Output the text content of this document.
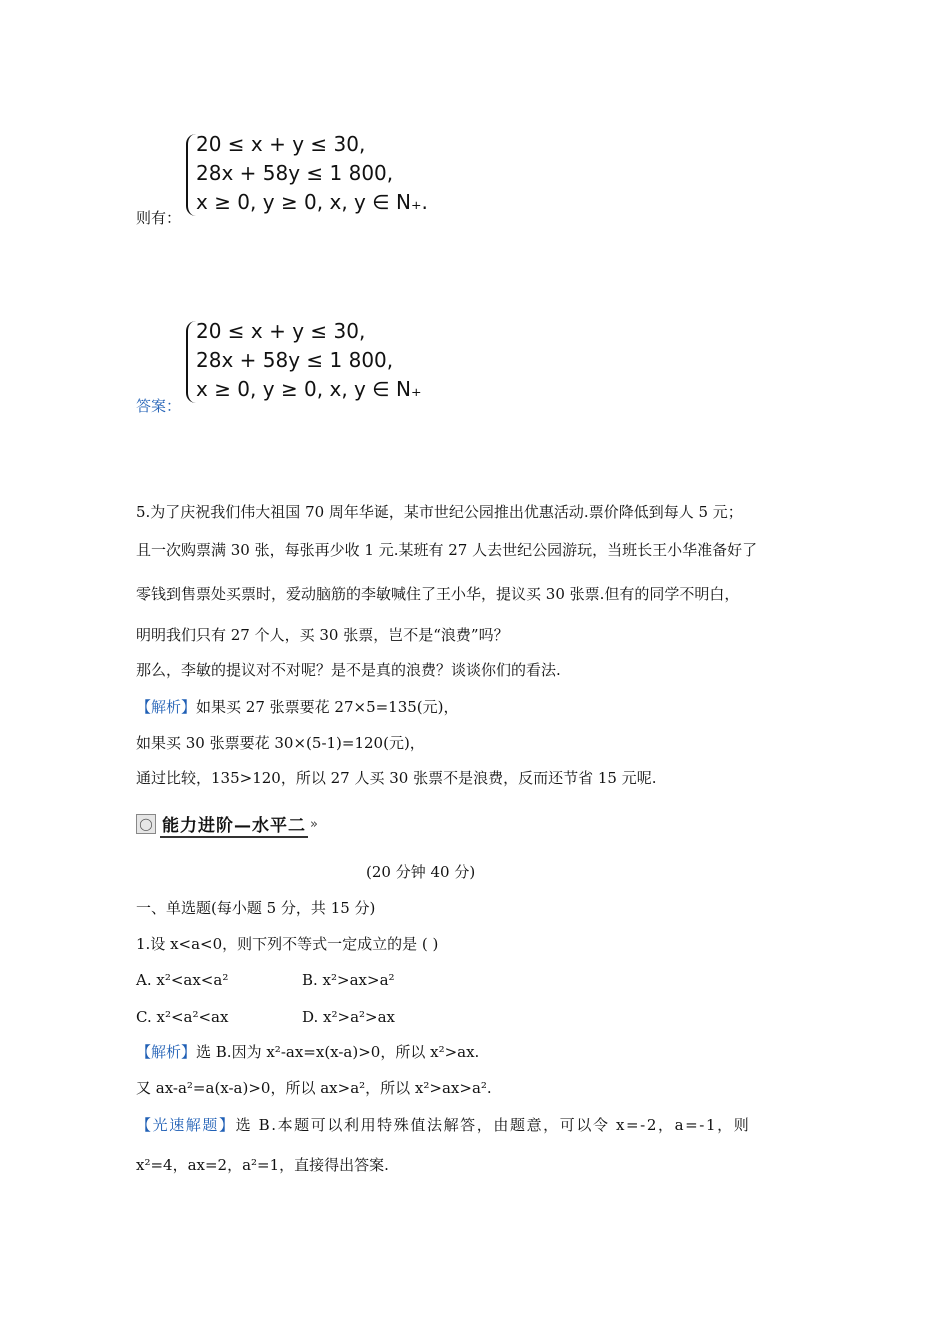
20 ≤ x + y ≤ 30,
28x + 58y ≤ 1 800,
x ≥ 0, y ≥ 0, x, y ∈ N₊.
则有：
20 ≤ x + y ≤ 30,
28x + 58y ≤ 1 800,
x ≥ 0, y ≥ 0, x, y ∈ N₊
答案：
5.为了庆祝我们伟大祖国 70 周年华诞，某市世纪公园推出优惠活动.票价降低到每人 5 元；
且一次购票满 30 张，每张再少收 1 元.某班有 27 人去世纪公园游玩，当班长王小华准备好了
零钱到售票处买票时，爱动脑筋的李敏喊住了王小华，提议买 30 张票.但有的同学不明白，
明明我们只有 27 个人，买 30 张票，岂不是“浪费”吗？
那么，李敏的提议对不对呢？是不是真的浪费？谈谈你们的看法.
【解析】如果买 27 张票要花 27×5=135(元)，
如果买 30 张票要花 30×(5-1)=120(元)，
通过比较，135>120，所以 27 人买 30 张票不是浪费，反而还节省 15 元呢.
◯ 能力进阶—水平二 »
(20 分钟 40 分)
一、单选题(每小题 5 分，共 15 分)
1.设 x<a<0，则下列不等式一定成立的是 ( )
A. x²<ax<a²	B. x²>ax>a²
C. x²<a²<ax	D. x²>a²>ax
【解析】选 B.因为 x²-ax=x(x-a)>0，所以 x²>ax.
又 ax-a²=a(x-a)>0，所以 ax>a²，所以 x²>ax>a².
【光速解题】选 B.本题可以利用特殊值法解答，由题意，可以令 x=-2，a=-1，则
x²=4，ax=2，a²=1，直接得出答案.
